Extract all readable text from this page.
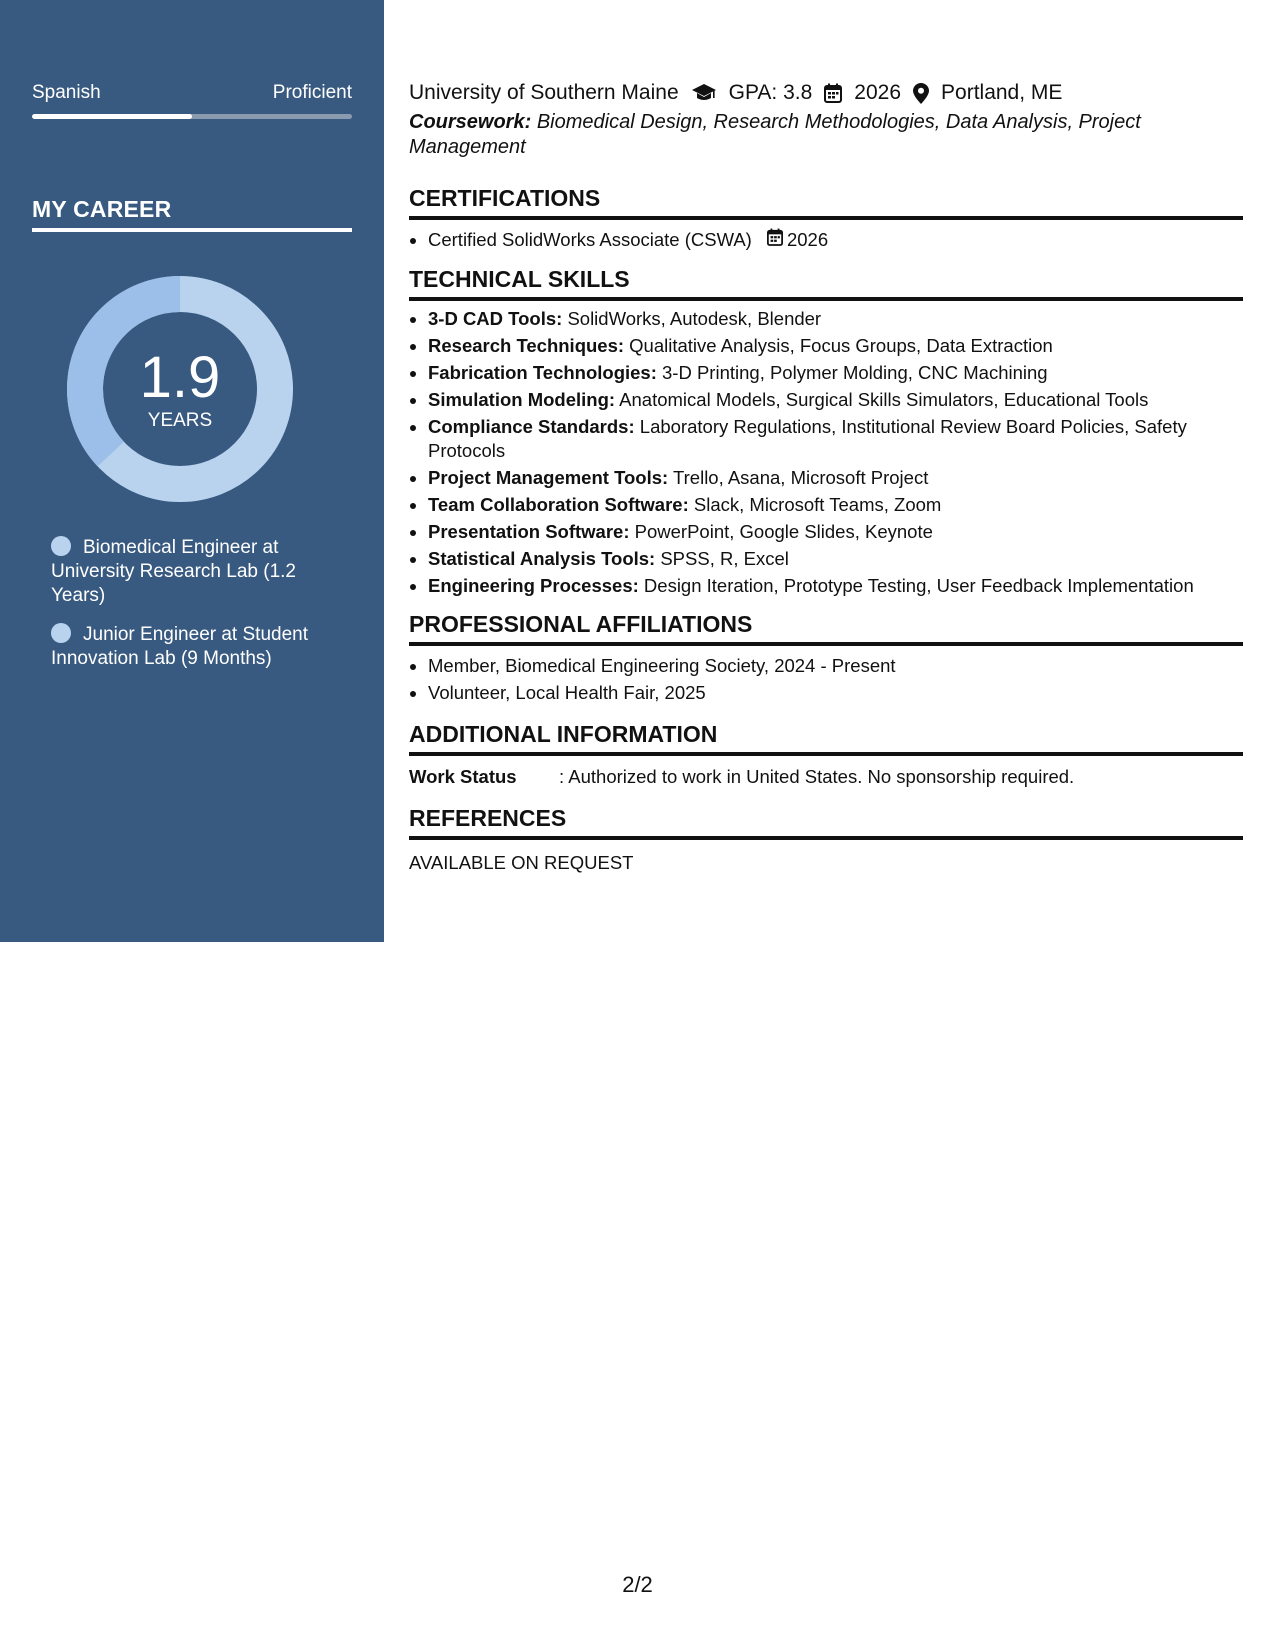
Spanish	Proficient
MY CAREER
1.9
YEARS
Biomedical Engineer at University Research Lab (1.2 Years)
Junior Engineer at Student Innovation Lab (9 Months)
University of Southern Maine GPA: 3.8 2026 Portland, ME
Coursework: Biomedical Design, Research Methodologies, Data Analysis, Project Management
CERTIFICATIONS
• Certified SolidWorks Associate (CSWA) 2026
TECHNICAL SKILLS
• 3-D CAD Tools: SolidWorks, Autodesk, Blender
• Research Techniques: Qualitative Analysis, Focus Groups, Data Extraction
• Fabrication Technologies: 3-D Printing, Polymer Molding, CNC Machining
• Simulation Modeling: Anatomical Models, Surgical Skills Simulators, Educational Tools
• Compliance Standards: Laboratory Regulations, Institutional Review Board Policies, Safety Protocols
• Project Management Tools: Trello, Asana, Microsoft Project
• Team Collaboration Software: Slack, Microsoft Teams, Zoom
• Presentation Software: PowerPoint, Google Slides, Keynote
• Statistical Analysis Tools: SPSS, R, Excel
• Engineering Processes: Design Iteration, Prototype Testing, User Feedback Implementation
PROFESSIONAL AFFILIATIONS
• Member, Biomedical Engineering Society, 2024 - Present
• Volunteer, Local Health Fair, 2025
ADDITIONAL INFORMATION
Work Status	: Authorized to work in United States. No sponsorship required.
REFERENCES
AVAILABLE ON REQUEST
2/2
